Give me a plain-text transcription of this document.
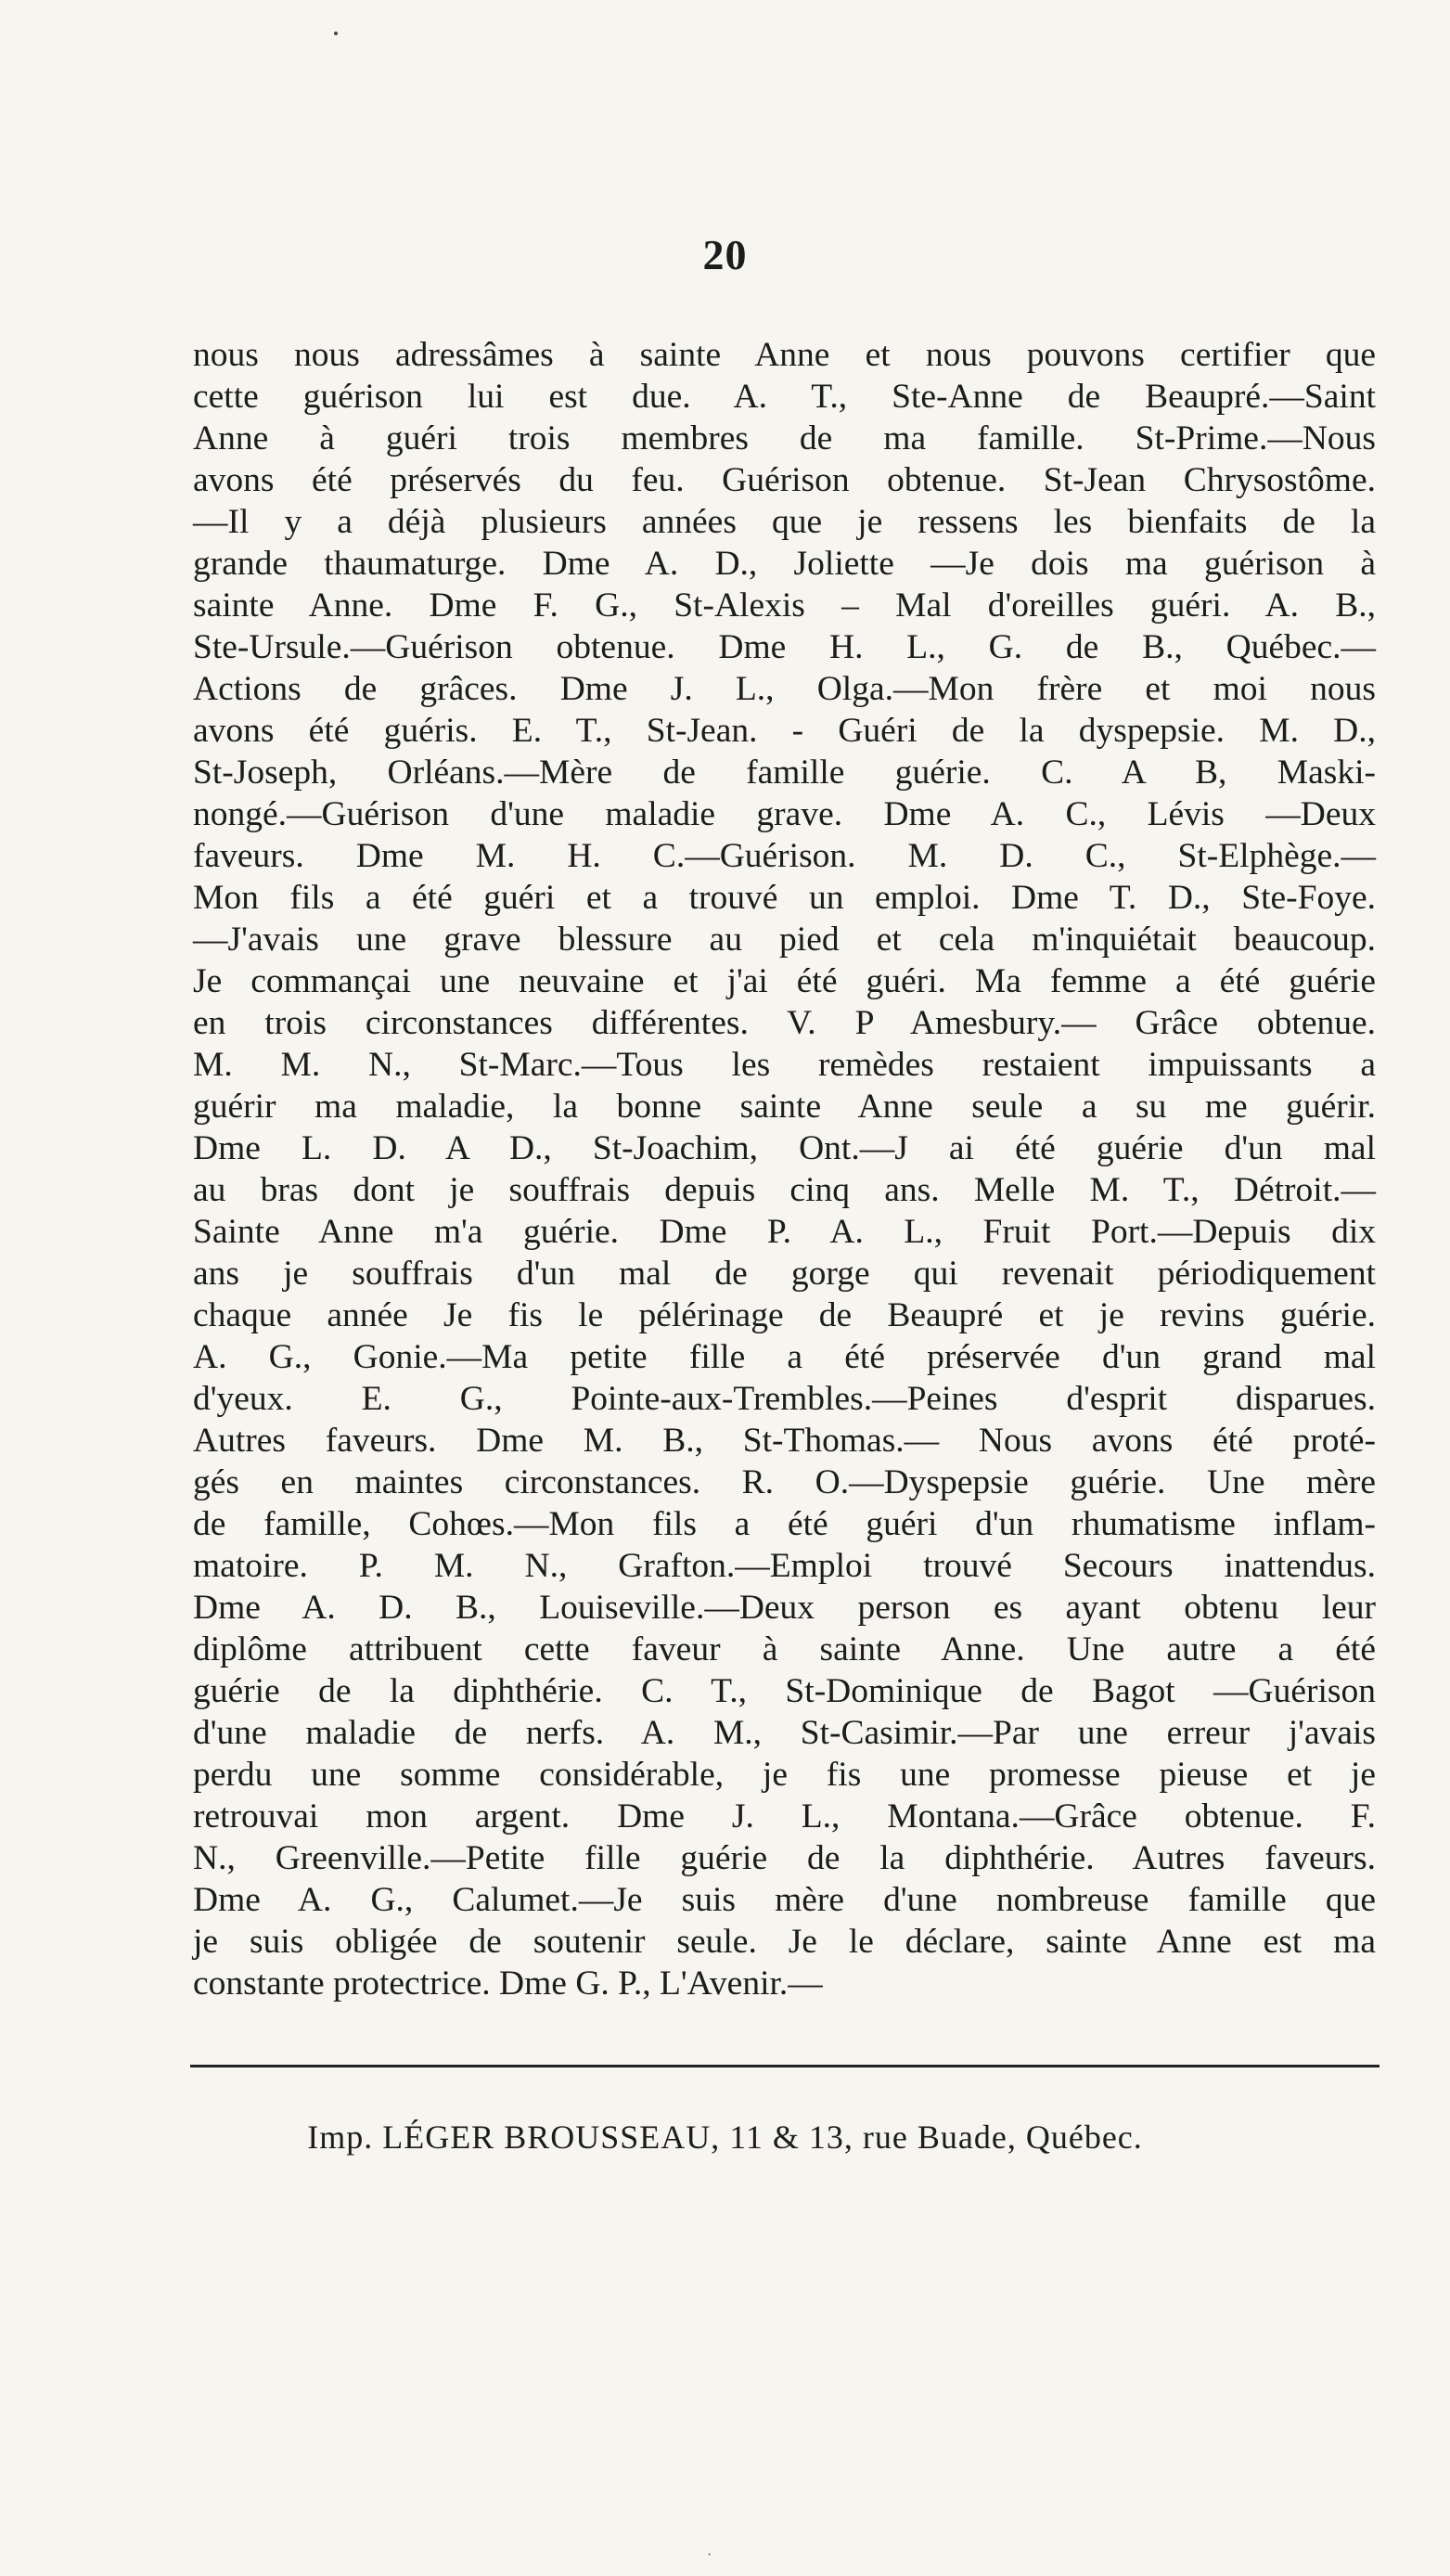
20
nous nous adressâmes à sainte Anne et nous pouvons certifier que
cette guérison lui est due. A. T., Ste-Anne de Beaupré.—Saint
Anne à guéri trois membres de ma famille. St-Prime.—Nous
avons été préservés du feu. Guérison obtenue. St-Jean Chrysostôme.
—Il y a déjà plusieurs années que je ressens les bienfaits de la
grande thaumaturge. Dme A. D., Joliette —Je dois ma guérison à
sainte Anne. Dme F. G., St-Alexis – Mal d'oreilles guéri. A. B.,
Ste-Ursule.—Guérison obtenue. Dme H. L., G. de B., Québec.—
Actions de grâces. Dme J. L., Olga.—Mon frère et moi nous
avons été guéris. E. T., St-Jean. - Guéri de la dyspepsie. M. D.,
St-Joseph, Orléans.—Mère de famille guérie. C. A B, Maski-
nongé.—Guérison d'une maladie grave. Dme A. C., Lévis —Deux
faveurs. Dme M. H. C.—Guérison. M. D. C., St-Elphège.—
Mon fils a été guéri et a trouvé un emploi. Dme T. D., Ste-Foye.
—J'avais une grave blessure au pied et cela m'inquiétait beaucoup.
Je commançai une neuvaine et j'ai été guéri. Ma femme a été guérie
en trois circonstances différentes. V. P Amesbury.— Grâce obtenue.
M. M. N., St-Marc.—Tous les remèdes restaient impuissants a
guérir ma maladie, la bonne sainte Anne seule a su me guérir.
Dme L. D. A D., St-Joachim, Ont.—J ai été guérie d'un mal
au bras dont je souffrais depuis cinq ans. Melle M. T., Détroit.—
Sainte Anne m'a guérie. Dme P. A. L., Fruit Port.—Depuis dix
ans je souffrais d'un mal de gorge qui revenait périodiquement
chaque année Je fis le pélérinage de Beaupré et je revins guérie.
A. G., Gonie.—Ma petite fille a été préservée d'un grand mal
d'yeux. E. G., Pointe-aux-Trembles.—Peines d'esprit disparues.
Autres faveurs. Dme M. B., St-Thomas.— Nous avons été proté-
gés en maintes circonstances. R. O.—Dyspepsie guérie. Une mère
de famille, Cohœs.—Mon fils a été guéri d'un rhumatisme inflam-
matoire. P. M. N., Grafton.—Emploi trouvé Secours inattendus.
Dme A. D. B., Louiseville.—Deux person es ayant obtenu leur
diplôme attribuent cette faveur à sainte Anne. Une autre a été
guérie de la diphthérie. C. T., St-Dominique de Bagot —Guérison
d'une maladie de nerfs. A. M., St-Casimir.—Par une erreur j'avais
perdu une somme considérable, je fis une promesse pieuse et je
retrouvai mon argent. Dme J. L., Montana.—Grâce obtenue. F.
N., Greenville.—Petite fille guérie de la diphthérie. Autres faveurs.
Dme A. G., Calumet.—Je suis mère d'une nombreuse famille que
je suis obligée de soutenir seule. Je le déclare, sainte Anne est ma
constante protectrice. Dme G. P., L'Avenir.—
Imp. LÉGER BROUSSEAU, 11 & 13, rue Buade, Québec.
·
